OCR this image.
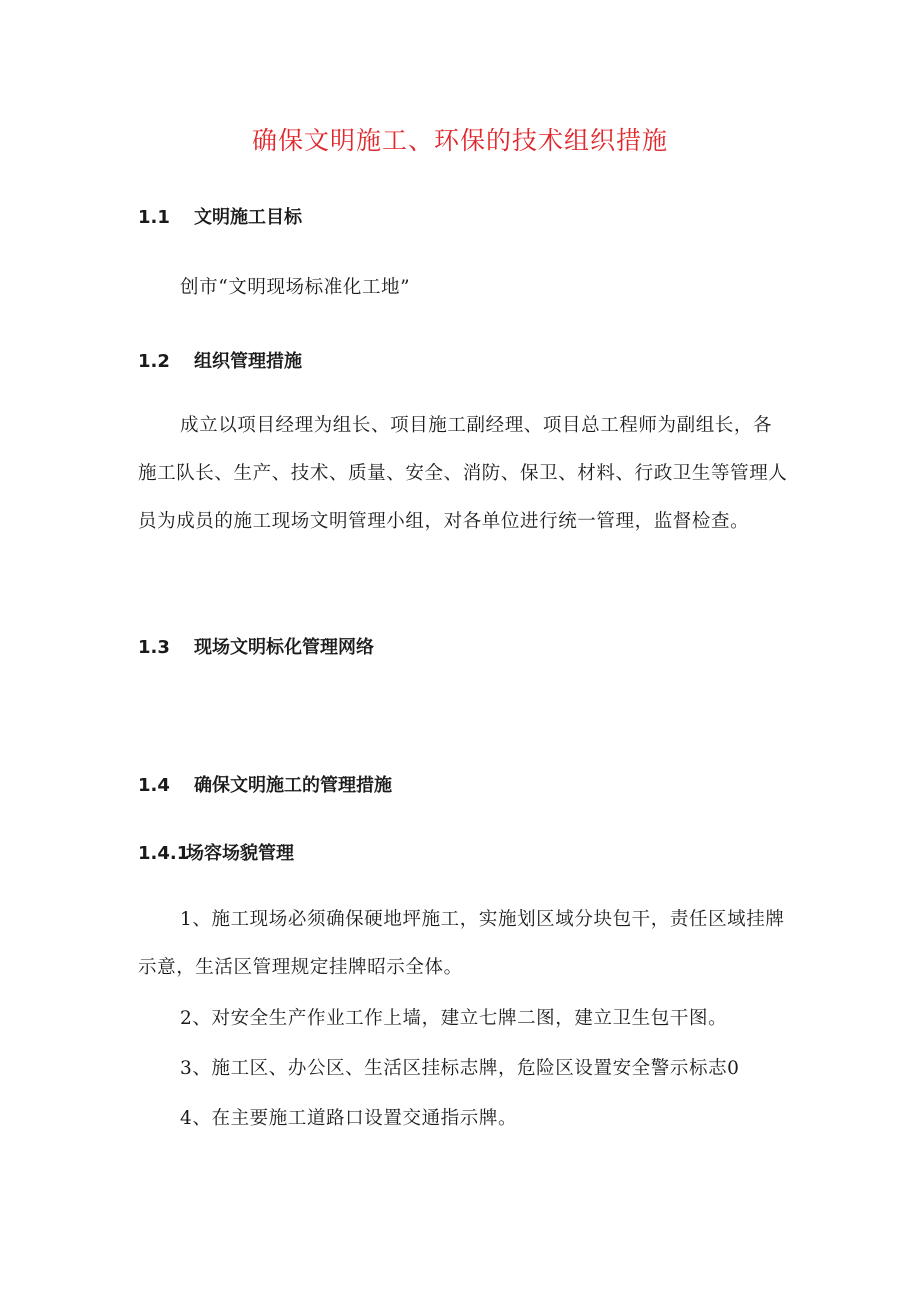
确保文明施工、环保的技术组织措施
1.1 文明施工目标
创市“文明现场标准化工地”
1.2 组织管理措施
成立以项目经理为组长、项目施工副经理、项目总工程师为副组长，各施工队长、生产、技术、质量、安全、消防、保卫、材料、行政卫生等管理人员为成员的施工现场文明管理小组，对各单位进行统一管理，监督检查。
1.3 现场文明标化管理网络
1.4 确保文明施工的管理措施
1.4.1场容场貌管理
1、施工现场必须确保硬地坪施工，实施划区域分块包干，责任区域挂牌示意，生活区管理规定挂牌昭示全体。
2、对安全生产作业工作上墙，建立七牌二图，建立卫生包干图。
3、施工区、办公区、生活区挂标志牌，危险区设置安全警示标志0
4、在主要施工道路口设置交通指示牌。
